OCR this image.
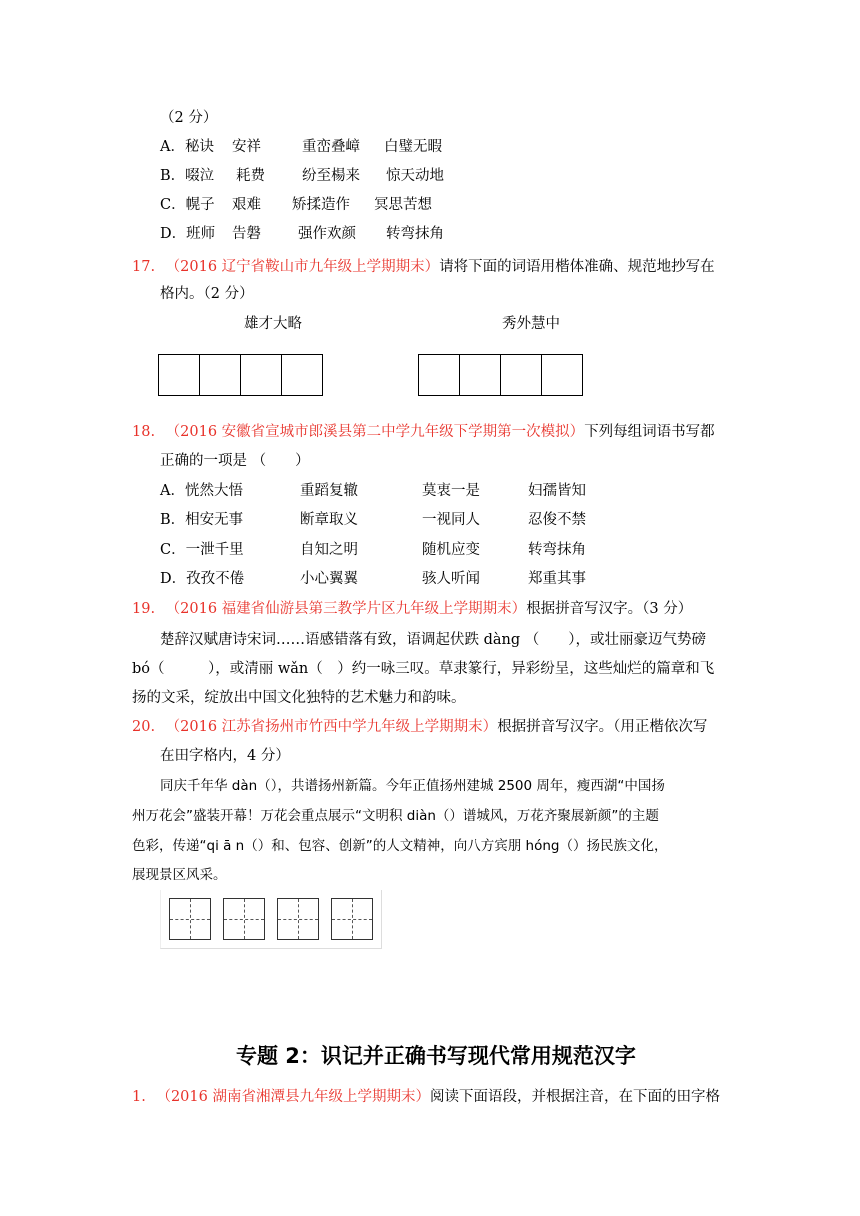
（2 分）
A．秘诀 安祥	重峦叠嶂 白璧无暇
B．啜泣 耗费	纷至楊来 惊天动地
C．幌子 艰难 矫揉造作 冥思苦想
D．班师 告磐	强作欢颜 转弯抹角
17. （2016 辽宁省鞍山市九年级上学期期末）请将下面的词语用楷体准确、规范地抄写在
格内。（2 分）
雄才大略	秀外慧中
18. （2016 安徽省宣城市郎溪县第二中学九年级下学期第一次模拟）下列每组词语书写都
正确的一项是 （　　）
A．恍然大悟	重蹈复辙	莫衷一是	妇孺皆知
B．相安无事	断章取义	一视同人	忍俊不禁
C．一泄千里	自知之明	随机应变	转弯抹角
D．孜孜不倦	小心翼翼	骇人听闻	郑重其事
19. （2016 福建省仙游县第三教学片区九年级上学期期末）根据拼音写汉字。（3 分）
楚辞汉赋唐诗宋词……语感错落有致，语调起伏跌 dàng （　　），或壮丽豪迈气势磅
bó（　　　），或清丽 wǎn（　）约一咏三叹。草隶篆行，异彩纷呈，这些灿烂的篇章和飞
扬的文采，绽放出中国文化独特的艺术魅力和韵味。
20. （2016 江苏省扬州市竹西中学九年级上学期期末）根据拼音写汉字。（用正楷依次写
在田字格内，4 分）
同庆千年华 dàn（），共谱扬州新篇。今年正值扬州建城 2500 周年，瘦西湖“中国扬
州万花会”盛装开幕！万花会重点展示“文明积 diàn（）谱城风，万花齐聚展新颜”的主题
色彩，传递“qi ā n（）和、包容、创新”的人文精神，向八方宾朋 hóng（）扬民族文化，
展现景区风采。
专题 2：识记并正确书写现代常用规范汉字
1. （2016 湖南省湘潭县九年级上学期期末）阅读下面语段，并根据注音，在下面的田字格
